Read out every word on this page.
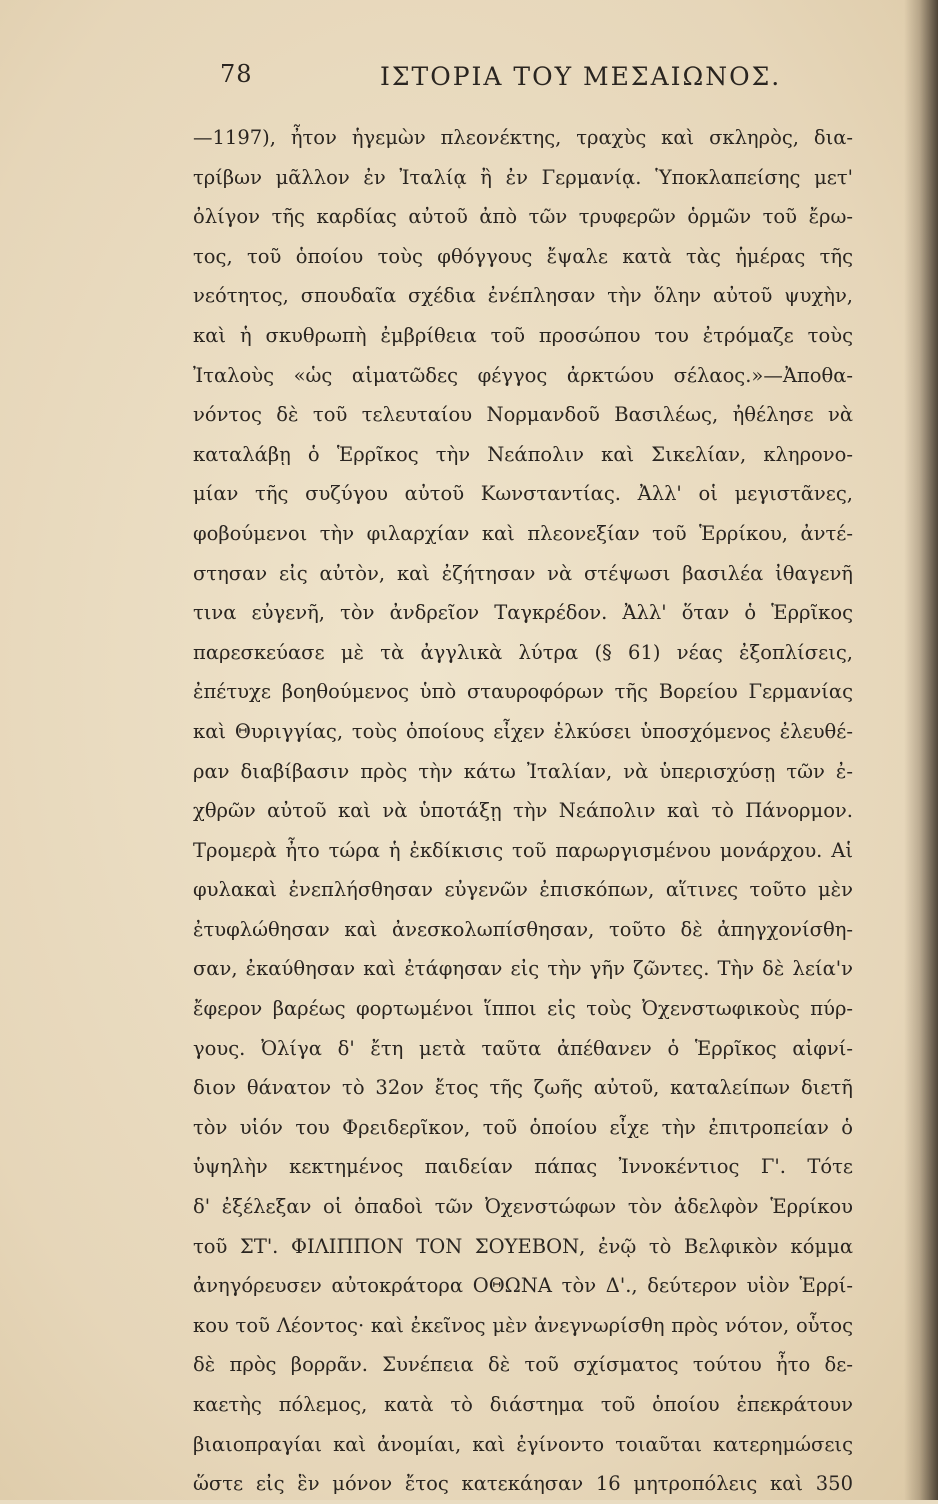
78	ΙΣΤΟΡΙΑ ΤΟΥ ΜΕΣΑΙΩΝΟΣ.
—1197), ἦτον ἡγεμὼν πλεονέκτης, τραχὺς καὶ σκληρὸς, δια-
τρίβων μᾶλλον ἐν Ἰταλίᾳ ἢ ἐν Γερμανίᾳ. Ὑποκλαπείσης μετ'
ὀλίγον τῆς καρδίας αὐτοῦ ἀπὸ τῶν τρυφερῶν ὁρμῶν τοῦ ἔρω-
τος, τοῦ ὁποίου τοὺς φθόγγους ἔψαλε κατὰ τὰς ἡμέρας τῆς
νεότητος, σπουδαῖα σχέδια ἐνέπλησαν τὴν ὅλην αὐτοῦ ψυχὴν,
καὶ ἡ σκυθρωπὴ ἐμβρίθεια τοῦ προσώπου του ἐτρόμαζε τοὺς
Ἰταλοὺς «ὡς αἱματῶδες φέγγος ἀρκτώου σέλαος.»—Ἀποθα-
νόντος δὲ τοῦ τελευταίου Νορμανδοῦ Βασιλέως, ἠθέλησε νὰ
καταλάβῃ ὁ Ἑρρῖκος τὴν Νεάπολιν καὶ Σικελίαν, κληρονο-
μίαν τῆς συζύγου αὐτοῦ Κωνσταντίας. Ἀλλ' οἱ μεγιστᾶνες,
φοβούμενοι τὴν φιλαρχίαν καὶ πλεονεξίαν τοῦ Ἑρρίκου, ἀντέ-
στησαν εἰς αὐτὸν, καὶ ἐζήτησαν νὰ στέψωσι βασιλέα ἰθαγενῆ
τινα εὐγενῆ, τὸν ἀνδρεῖον Ταγκρέδον. Ἀλλ' ὅταν ὁ Ἑρρῖκος
παρεσκεύασε μὲ τὰ ἀγγλικὰ λύτρα (§ 61) νέας ἐξοπλίσεις,
ἐπέτυχε βοηθούμενος ὑπὸ σταυροφόρων τῆς Βορείου Γερμανίας
καὶ Θυριγγίας, τοὺς ὁποίους εἶχεν ἑλκύσει ὑποσχόμενος ἐλευθέ-
ραν διαβίβασιν πρὸς τὴν κάτω Ἰταλίαν, νὰ ὑπερισχύσῃ τῶν ἐ-
χθρῶν αὐτοῦ καὶ νὰ ὑποτάξῃ τὴν Νεάπολιν καὶ τὸ Πάνορμον.
Τρομερὰ ἦτο τώρα ἡ ἐκδίκισις τοῦ παρωργισμένου μονάρχου. Αἱ
φυλακαὶ ἐνεπλήσθησαν εὐγενῶν ἐπισκόπων, αἵτινες τοῦτο μὲν
ἐτυφλώθησαν καὶ ἀνεσκολωπίσθησαν, τοῦτο δὲ ἀπηγχονίσθη-
σαν, ἐκαύθησαν καὶ ἐτάφησαν εἰς τὴν γῆν ζῶντες. Τὴν δὲ λεία'ν
ἔφερον βαρέως φορτωμένοι ἵπποι εἰς τοὺς Ὀχενστωφικοὺς πύρ-
γους. Ὀλίγα δ' ἔτη μετὰ ταῦτα ἀπέθανεν ὁ Ἑρρῖκος αἰφνί-
διον θάνατον τὸ 32ον ἔτος τῆς ζωῆς αὐτοῦ, καταλείπων διετῆ
τὸν υἱόν του Φρειδερῖκον, τοῦ ὁποίου εἶχε τὴν ἐπιτροπείαν ὁ
ὑψηλὴν κεκτημένος παιδείαν πάπας Ἰννοκέντιος Γ'. Τότε
δ' ἐξέλεξαν οἱ ὀπαδοὶ τῶν Ὀχενστώφων τὸν ἀδελφὸν Ἑρρίκου
τοῦ ΣΤ'. ΦΙΛΙΠΠΟΝ ΤΟΝ ΣΟΥΕΒΟΝ, ἐνῷ τὸ Βελφικὸν κόμμα
ἀνηγόρευσεν αὐτοκράτορα ΟΘΩΝΑ τὸν Δ'., δεύτερον υἱὸν Ἑρρί-
κου τοῦ Λέοντος· καὶ ἐκεῖνος μὲν ἀνεγνωρίσθη πρὸς νότον, οὗτος
δὲ πρὸς βορρᾶν. Συνέπεια δὲ τοῦ σχίσματος τούτου ἦτο δε-
καετὴς πόλεμος, κατὰ τὸ διάστημα τοῦ ὁποίου ἐπεκράτουν
βιαιοπραγίαι καὶ ἀνομίαι, καὶ ἐγίνοντο τοιαῦται κατερημώσεις
ὥστε εἰς ἓν μόνον ἔτος κατεκάησαν 16 μητροπόλεις καὶ 350
